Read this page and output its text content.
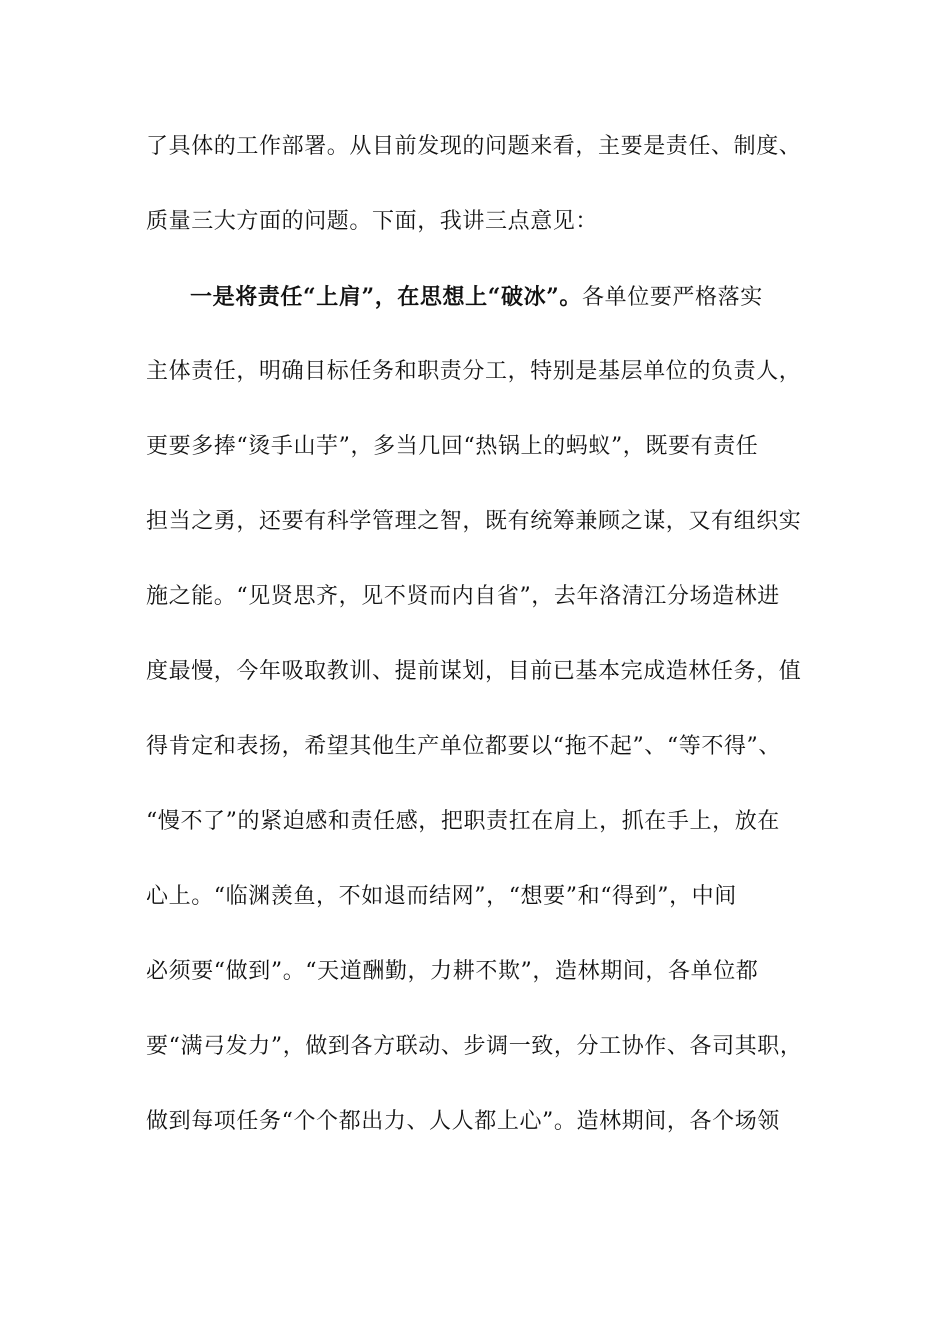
了具体的工作部署。从目前发现的问题来看，主要是责任、制度、
质量三大方面的问题。下面，我讲三点意见：
一是将责任“上肩”，在思想上“破冰”。各单位要严格落实
主体责任，明确目标任务和职责分工，特别是基层单位的负责人，
更要多捧“烫手山芋”，多当几回“热锅上的蚂蚁”，既要有责任
担当之勇，还要有科学管理之智，既有统筹兼顾之谋，又有组织实
施之能。“见贤思齐，见不贤而内自省”，去年洛清江分场造林进
度最慢，今年吸取教训、提前谋划，目前已基本完成造林任务，值
得肯定和表扬，希望其他生产单位都要以“拖不起”、“等不得”、
“慢不了”的紧迫感和责任感，把职责扛在肩上，抓在手上，放在
心上。“临渊羡鱼，不如退而结网”，“想要”和“得到”，中间
必须要“做到”。“天道酬勤，力耕不欺”，造林期间，各单位都
要“满弓发力”，做到各方联动、步调一致，分工协作、各司其职，
做到每项任务“个个都出力、人人都上心”。造林期间，各个场领
